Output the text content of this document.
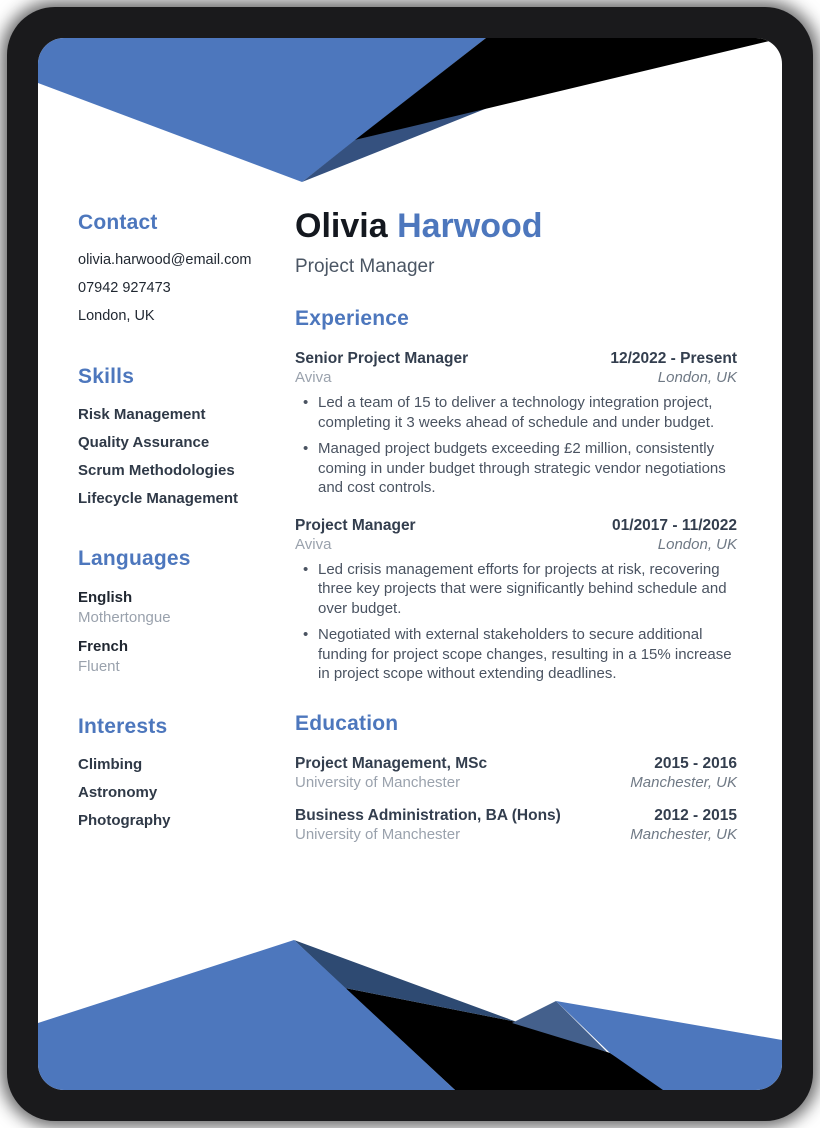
Contact

olivia.harwood@email.com

07942 927473

London, UK

Skills

Risk Management

Quality Assurance

Scrum Methodologies

Lifecycle Management

Languages

English

Mothertongue

French

Fluent

Interests

Climbing

Astronomy

Photography

Olivia Harwood

Project Manager

Experience
Senior Project Manager	12/2022 - Present
Aviva	London, UK
• Led a team of 15 to deliver a technology integration project, completing it 3 weeks ahead of schedule and under budget.
• Managed project budgets exceeding £2 million, consistently coming in under budget through strategic vendor negotiations and cost controls.
Project Manager	01/2017 - 11/2022
Aviva	London, UK
• Led crisis management efforts for projects at risk, recovering three key projects that were significantly behind schedule and over budget.
• Negotiated with external stakeholders to secure additional funding for project scope changes, resulting in a 15% increase in project scope without extending deadlines.
Education
Project Management, MSc	2015 - 2016
University of Manchester	Manchester, UK
Business Administration, BA (Hons)	2012 - 2015
University of Manchester	Manchester, UK
